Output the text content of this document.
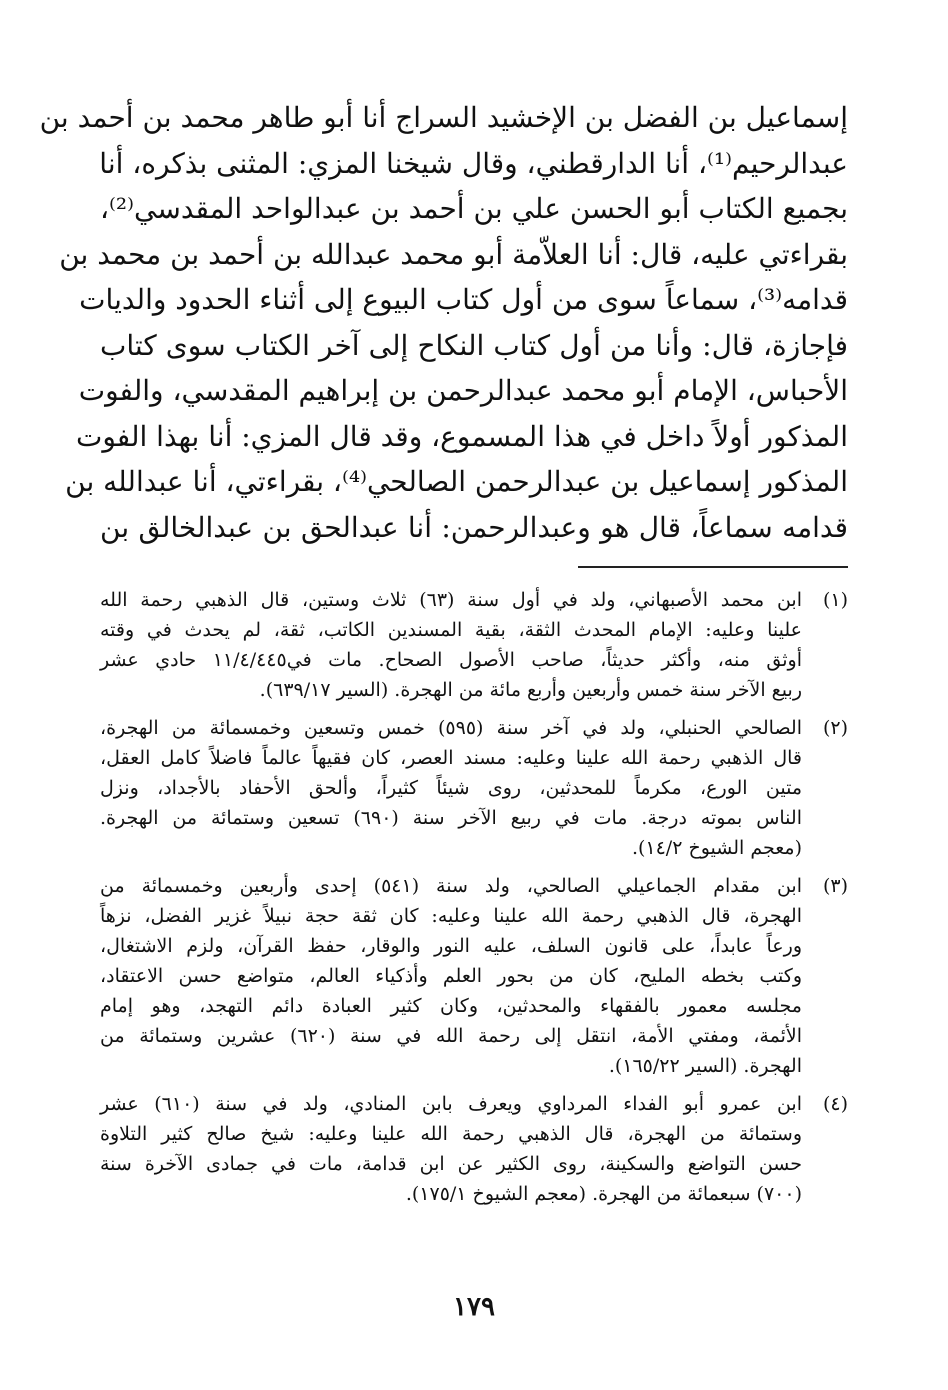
إسماعيل بن الفضل بن الإخشيد السراج أنا أبو طاهر محمد بن أحمد بن
عبدالرحيم⁽¹⁾، أنا الدارقطني، وقال شيخنا المزي: المثنى بذكره، أنا
بجميع الكتاب أبو الحسن علي بن أحمد بن عبدالواحد المقدسي⁽²⁾،
بقراءتي عليه، قال: أنا العلاّمة أبو محمد عبدالله بن أحمد بن محمد بن
قدامه⁽³⁾، سماعاً سوى من أول كتاب البيوع إلى أثناء الحدود والديات
فإجازة، قال: وأنا من أول كتاب النكاح إلى آخر الكتاب سوى كتاب
الأحباس، الإمام أبو محمد عبدالرحمن بن إبراهيم المقدسي، والفوت
المذكور أولاً داخل في هذا المسموع، وقد قال المزي: أنا بهذا الفوت
المذكور إسماعيل بن عبدالرحمن الصالحي⁽⁴⁾، بقراءتي، أنا عبدالله بن
قدامه سماعاً، قال هو وعبدالرحمن: أنا عبدالحق بن عبدالخالق بن
(١)
ابن محمد الأصبهاني، ولد في أول سنة (٦٣) ثلاث وستين، قال الذهبي رحمة الله
علينا وعليه: الإمام المحدث الثقة، بقية المسندين الكاتب، ثقة، لم يحدث في وقته
أوثق منه، وأكثر حديثاً، صاحب الأصول الصحاح. مات في١١/٤/٤٤٥ حادي عشر
ربيع الآخر سنة خمس وأربعين وأربع مائة من الهجرة. (السير ٦٣٩/١٧).
(٢)
الصالحي الحنبلي، ولد في آخر سنة (٥٩٥) خمس وتسعين وخمسمائة من الهجرة،
قال الذهبي رحمة الله علينا وعليه: مسند العصر، كان فقيهاً عالماً فاضلاً كامل العقل،
متين الورع، مكرماً للمحدثين، روى شيئاً كثيراً، وألحق الأحفاد بالأجداد، ونزل
الناس بموته درجة. مات في ربيع الآخر سنة (٦٩٠) تسعين وستمائة من الهجرة.
(معجم الشيوخ ١٤/٢).
(٣)
ابن مقدام الجماعيلي الصالحي، ولد سنة (٥٤١) إحدى وأربعين وخمسمائة من
الهجرة، قال الذهبي رحمة الله علينا وعليه: كان ثقة حجة نبيلاً غزير الفضل، نزهاً
ورعاً عابداً، على قانون السلف، عليه النور والوقار، حفظ القرآن، ولزم الاشتغال،
وكتب بخطه المليح، كان من بحور العلم وأذكياء العالم، متواضع حسن الاعتقاد،
مجلسه معمور بالفقهاء والمحدثين، وكان كثير العبادة دائم التهجد، وهو إمام
الأئمة، ومفتي الأمة، انتقل إلى رحمة الله في سنة (٦٢٠) عشرين وستمائة من
الهجرة. (السير ١٦٥/٢٢).
(٤)
ابن عمرو أبو الفداء المرداوي ويعرف بابن المنادي، ولد في سنة (٦١٠) عشر
وستمائة من الهجرة، قال الذهبي رحمة الله علينا وعليه: شيخ صالح كثير التلاوة
حسن التواضع والسكينة، روى الكثير عن ابن قدامة، مات في جمادى الآخرة سنة
(٧٠٠) سبعمائة من الهجرة. (معجم الشيوخ ١٧٥/١).
١٧٩
